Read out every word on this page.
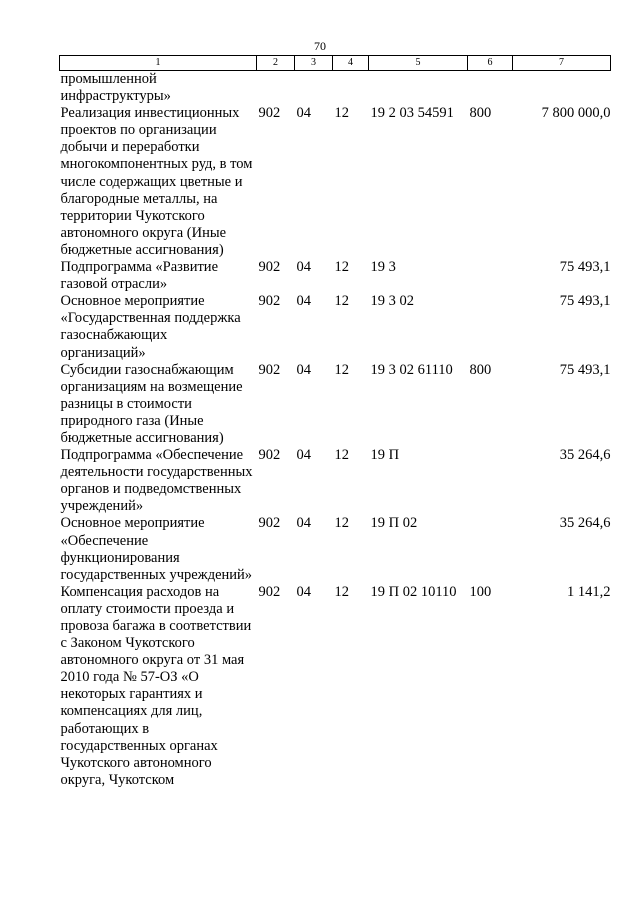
70
1	2	3	4	5	6	7
промышленной инфраструктуры»						
Реализация инвестиционных проектов по организации добычи и переработки многокомпонентных руд, в том числе содержащих цветные и благородные металлы, на территории Чукотского автономного округа (Иные бюджетные ассигнования)	902	04	12	19 2 03 54591	800	7 800 000,0
Подпрограмма «Развитие газовой отрасли»	902	04	12	19 3		75 493,1
Основное мероприятие «Государственная поддержка газоснабжающих организаций»	902	04	12	19 3 02		75 493,1
Субсидии газоснабжающим организациям на возмещение разницы в стоимости природного газа (Иные бюджетные ассигнования)	902	04	12	19 3 02 61110	800	75 493,1
Подпрограмма «Обеспечение деятельности государственных органов и подведомственных учреждений»	902	04	12	19 П		35 264,6
Основное мероприятие «Обеспечение функционирования государственных учреждений»	902	04	12	19 П 02		35 264,6
Компенсация расходов на оплату стоимости проезда и провоза багажа в соответствии с Законом Чукотского автономного округа от 31 мая 2010 года № 57-ОЗ «О некоторых гарантиях и компенсациях для лиц, работающих в государственных органах Чукотского автономного округа, Чукотском	902	04	12	19 П 02 10110	100	1 141,2
